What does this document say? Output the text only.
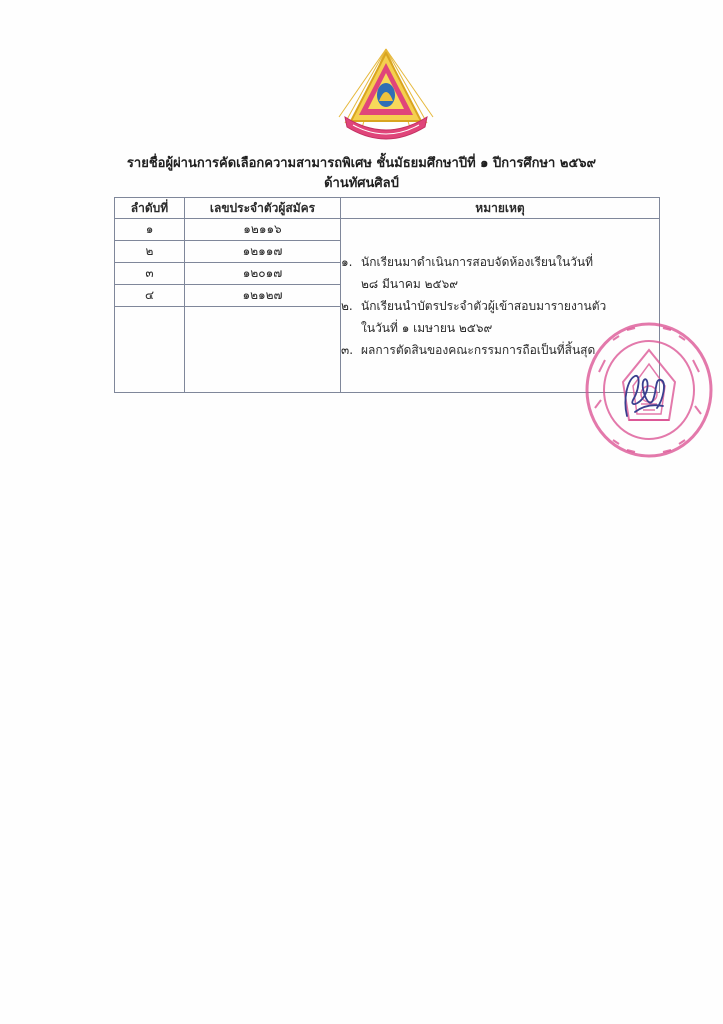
รายชื่อผู้ผ่านการคัดเลือกความสามารถพิเศษ ชั้นมัธยมศึกษาปีที่ ๑ ปีการศึกษา ๒๕๖๙
ด้านทัศนศิลป์
ลำดับที่	เลขประจำตัวผู้สมัคร	หมายเหตุ
๑	๑๒๑๑๖	๑. นักเรียนมาดำเนินการสอบจัดห้องเรียนในวันที่
๒๘ มีนาคม ๒๕๖๙
๒. นักเรียนนำบัตรประจำตัวผู้เข้าสอบมารายงานตัว
ในวันที่ ๑ เมษายน ๒๕๖๙
๓. ผลการตัดสินของคณะกรรมการถือเป็นที่สิ้นสุด

๒	๑๒๑๑๗	
๓	๑๒๐๑๗	
๔	๑๒๑๒๗	
